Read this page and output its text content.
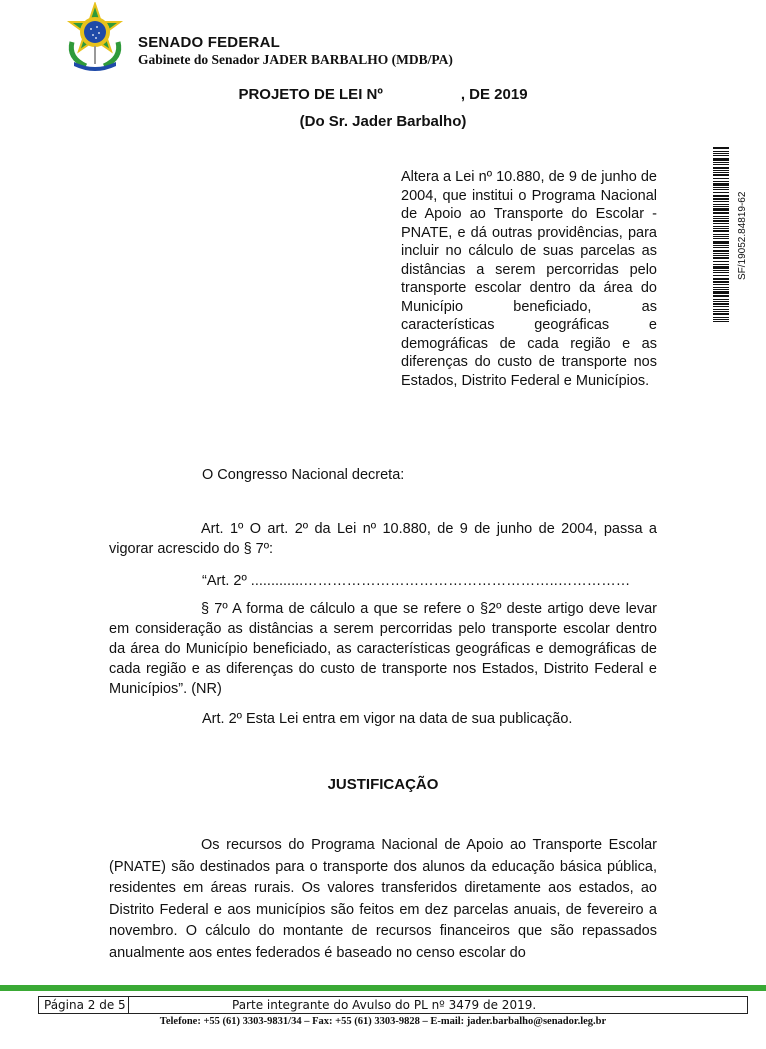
SENADO FEDERAL
Gabinete do Senador JADER BARBALHO (MDB/PA)
PROJETO DE LEI Nº	, DE 2019
(Do Sr. Jader Barbalho)
Altera a Lei nº 10.880, de 9 de junho de 2004, que institui o Programa Nacional de Apoio ao Transporte do Escolar - PNATE, e dá outras providências, para incluir no cálculo de suas parcelas as distâncias a serem percorridas pelo transporte escolar dentro da área do Município beneficiado, as características geográficas e demográficas de cada região e as diferenças do custo de transporte nos Estados, Distrito Federal e Municípios.
SF/19052.84819-62
O Congresso Nacional decreta:
Art. 1º O art. 2º da Lei nº 10.880, de 9 de junho de 2004, passa a vigorar acrescido do § 7º:
“Art. 2º .............……………………………………………..……………
§ 7º A forma de cálculo a que se refere o §2º deste artigo deve levar em consideração as distâncias a serem percorridas pelo transporte escolar dentro da área do Município beneficiado, as características geográficas e demográficas de cada região e as diferenças do custo de transporte nos Estados, Distrito Federal e Municípios”. (NR)
Art. 2º Esta Lei entra em vigor na data de sua publicação.
JUSTIFICAÇÃO
Os recursos do Programa Nacional de Apoio ao Transporte Escolar (PNATE) são destinados para o transporte dos alunos da educação básica pública, residentes em áreas rurais. Os valores transferidos diretamente aos estados, ao Distrito Federal e aos municípios são feitos em dez parcelas anuais, de fevereiro a novembro. O cálculo do montante de recursos financeiros que são repassados anualmente aos entes federados é baseado no censo escolar do
Página 2 de 5	Parte integrante do Avulso do PL nº 3479 de 2019.
Telefone: +55 (61) 3303-9831/34 – Fax: +55 (61) 3303-9828 – E-mail: jader.barbalho@senador.leg.br
